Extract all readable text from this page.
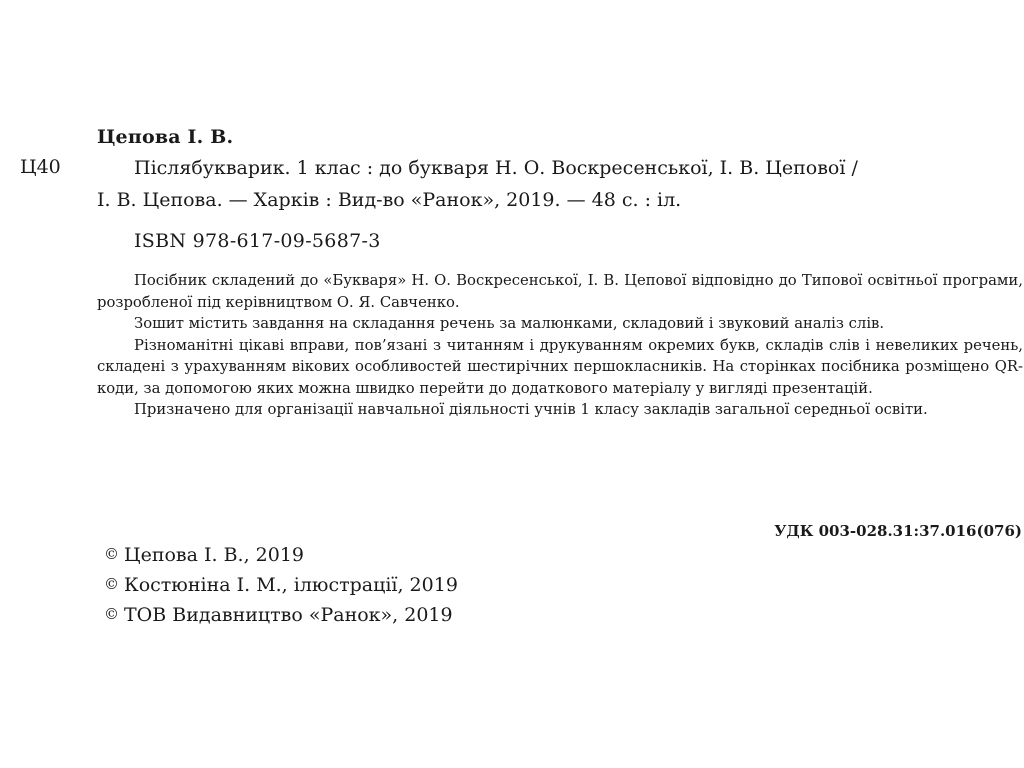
Цепова І. В.
Ц40	Післябукварик. 1 клас : до букваря Н. О. Воскресенської, І. В. Цепової /
І. В. Цепова. — Харків : Вид-во «Ранок», 2019. — 48 с. : іл.
ISBN 978-617-09-5687-3

Посібник складений до «Букваря» Н. О. Воскресенської, І. В. Цепової відповідно до Типової освітньої програми, розробленої під керівництвом О. Я. Савченко.

Зошит містить завдання на складання речень за малюнками, складовий і звуковий аналіз слів.

Різноманітні цікаві вправи, пов’язані з читанням і друкуванням окремих букв, складів слів і невеликих речень, складені з урахуванням вікових особливостей шестирічних першокласників. На сторінках посібника розміщено QR-коди, за допомогою яких можна швидко перейти до додаткового матеріалу у вигляді презентацій.

Призначено для організації навчальної діяльності учнів 1 класу закладів загальної середньої освіти.

УДК 003-028.31:37.016(076)
© Цепова І. В., 2019
© Костюніна І. М., ілюстрації, 2019
© ТОВ Видавництво «Ранок», 2019
